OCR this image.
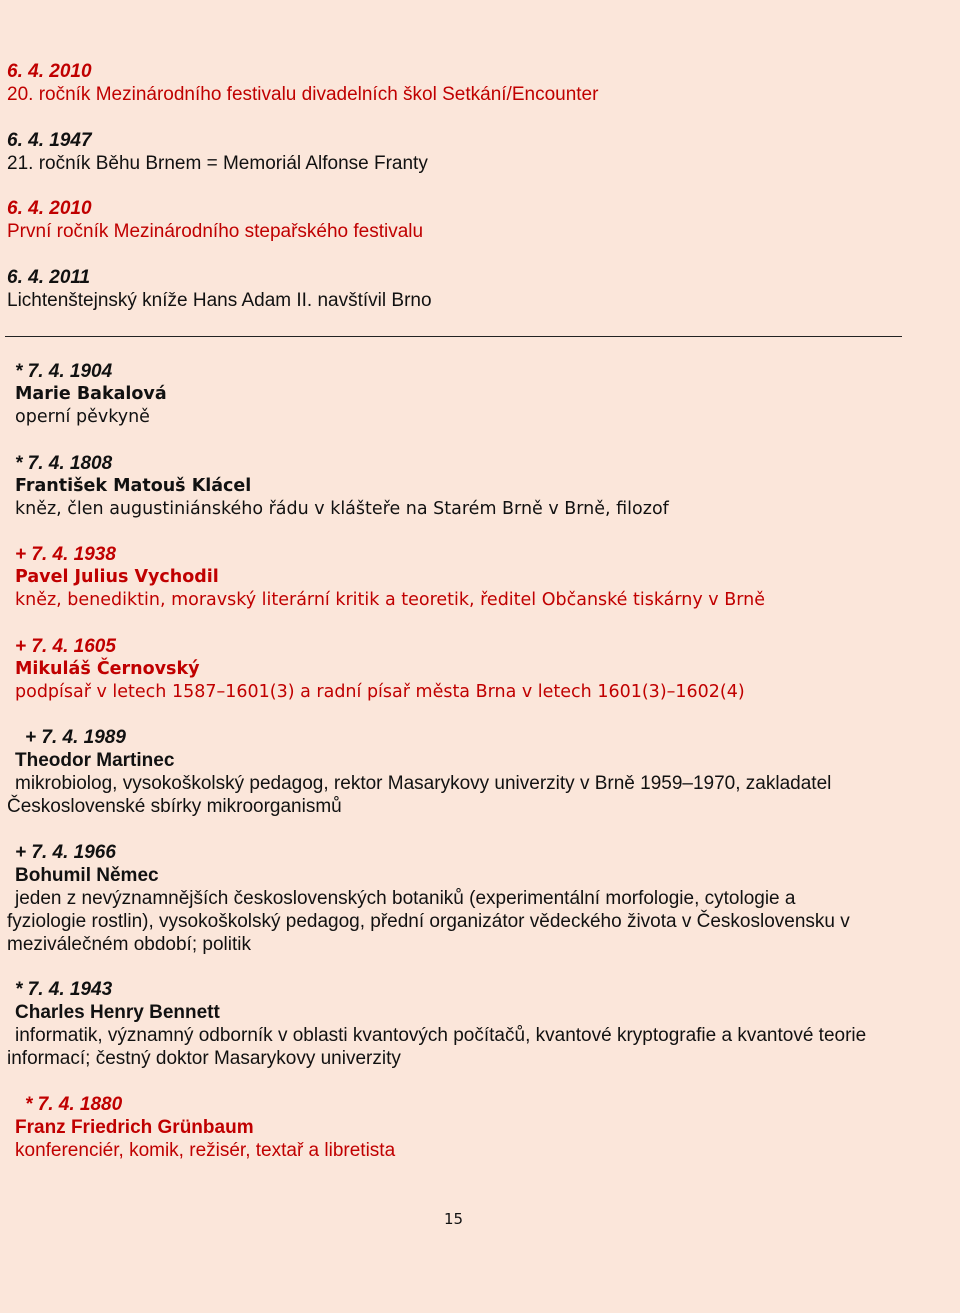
6. 4. 2010
20. ročník Mezinárodního festivalu divadelních škol Setkání/Encounter
6. 4. 1947
21. ročník Běhu Brnem = Memoriál Alfonse Franty
6. 4. 2010
První ročník Mezinárodního stepařského festivalu
6. 4. 2011
Lichtenštejnský kníže Hans Adam II. navštívil Brno
* 7. 4. 1904
Marie Bakalová
operní pěvkyně
* 7. 4. 1808
František Matouš Klácel
kněz, člen augustiniánského řádu v klášteře na Starém Brně v Brně, filozof
+ 7. 4. 1938
Pavel Julius Vychodil
kněz, benediktin, moravský literární kritik a teoretik, ředitel Občanské tiskárny v Brně
+ 7. 4. 1605
Mikuláš Černovský
podpísař v letech 1587–1601(3) a radní písař města Brna v letech 1601(3)–1602(4)
+ 7. 4. 1989
Theodor Martinec
mikrobiolog, vysokoškolský pedagog, rektor Masarykovy univerzity v Brně 1959–1970, zakladatel
Československé sbírky mikroorganismů
+ 7. 4. 1966
Bohumil Němec
jeden z nevýznamnějších československých botaniků (experimentální morfologie, cytologie a
fyziologie rostlin), vysokoškolský pedagog, přední organizátor vědeckého života v Československu v
meziválečném období; politik
* 7. 4. 1943
Charles Henry Bennett
informatik, významný odborník v oblasti kvantových počítačů, kvantové kryptografie a kvantové teorie
informací; čestný doktor Masarykovy univerzity
* 7. 4. 1880
Franz Friedrich Grünbaum
konferenciér, komik, režisér, textař a libretista
15
